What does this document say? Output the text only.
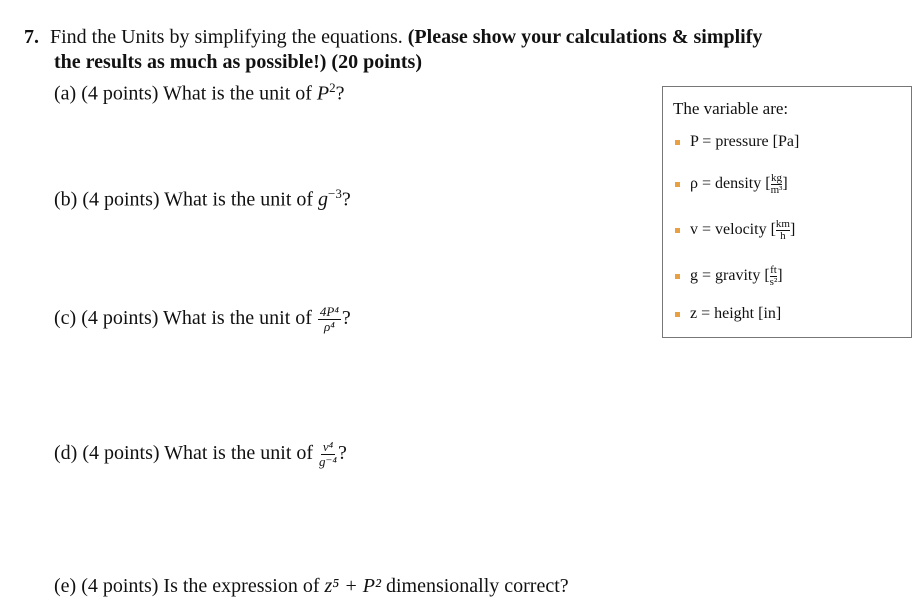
7. Find the Units by simplifying the equations. (Please show your calculations & simplify
the results as much as possible!) (20 points)
(a) (4 points) What is the unit of $P^2$?
(b) (4 points) What is the unit of $g^{-3}$?
(c) (4 points) What is the unit of $\frac{\text{4P⁴}}{\text{ρ⁴}}$ ?
(d) (4 points) What is the unit of $\frac{\text{v⁴}}{\text{g⁻⁴}}$ ?
(e) (4 points) Is the expression of z⁵ + P² dimensionally correct?
The variable are:
P = pressure [Pa]
ρ = density [ $\frac{kg}{\text{m³}}$ ]
v = velocity [ $\frac{km}{h}$ ]
g = gravity [ $\frac{ft}{\text{s²}}$ ]
z = height [in]
